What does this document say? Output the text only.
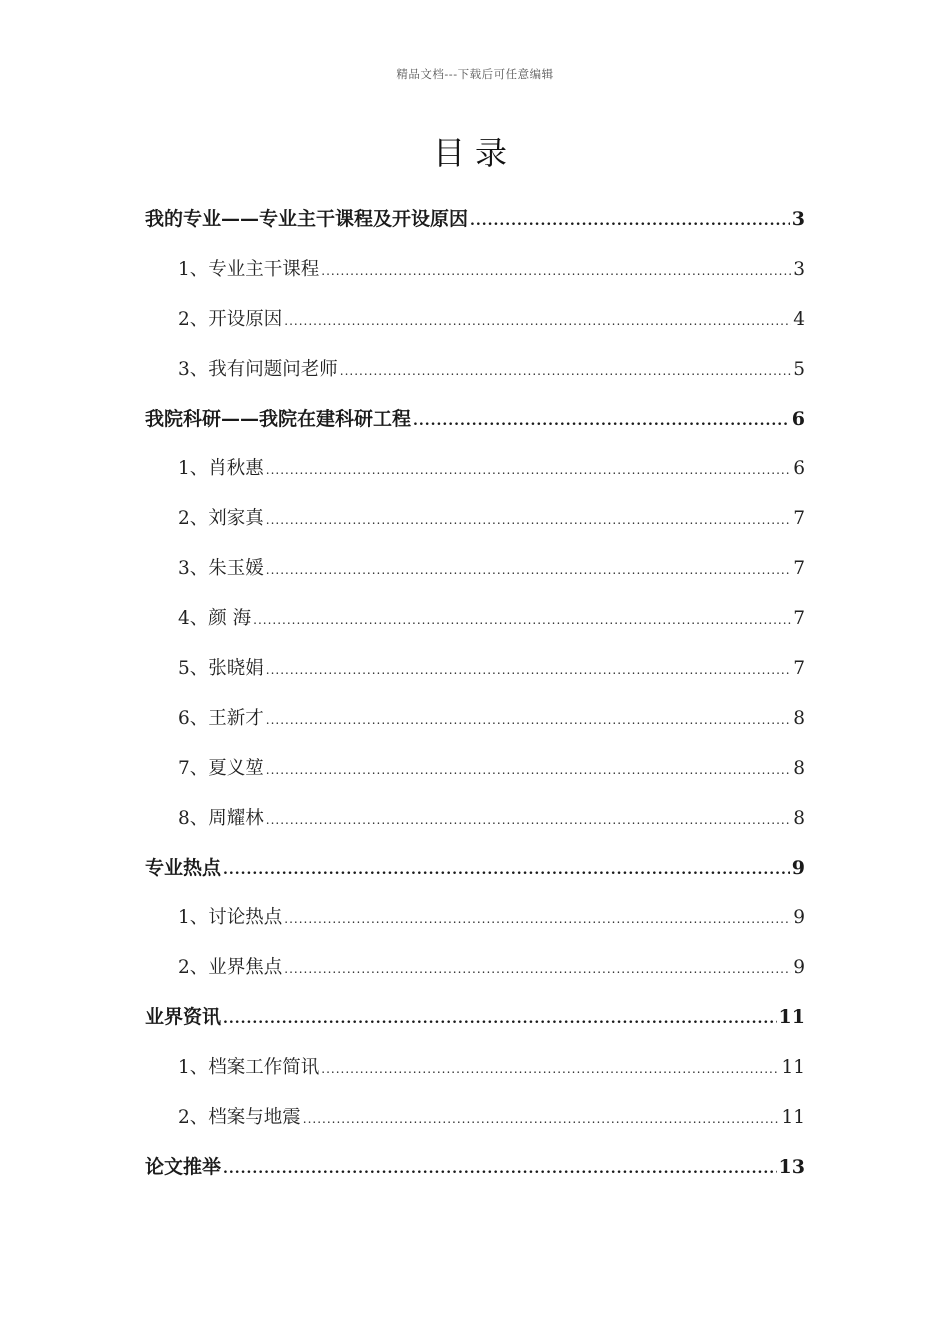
精品文档---下载后可任意编辑
目录
我的专业——专业主干课程及开设原因 .....	3
1、专业主干课程 .....	3
2、开设原因 .....	4
3、我有问题问老师 .....	5
我院科研——我院在建科研工程 .....	6
1、肖秋惠 .....	6
2、刘家真 .....	7
3、朱玉媛 .....	7
4、颜 海 .....	7
5、张晓娟 .....	7
6、王新才 .....	8
7、夏义堃 .....	8
8、周耀林 .....	8
专业热点 .....	9
1、讨论热点 .....	9
2、业界焦点 .....	9
业界资讯 .....	11
1、档案工作简讯 .....	11
2、档案与地震 .....	11
论文推举 .....	13
